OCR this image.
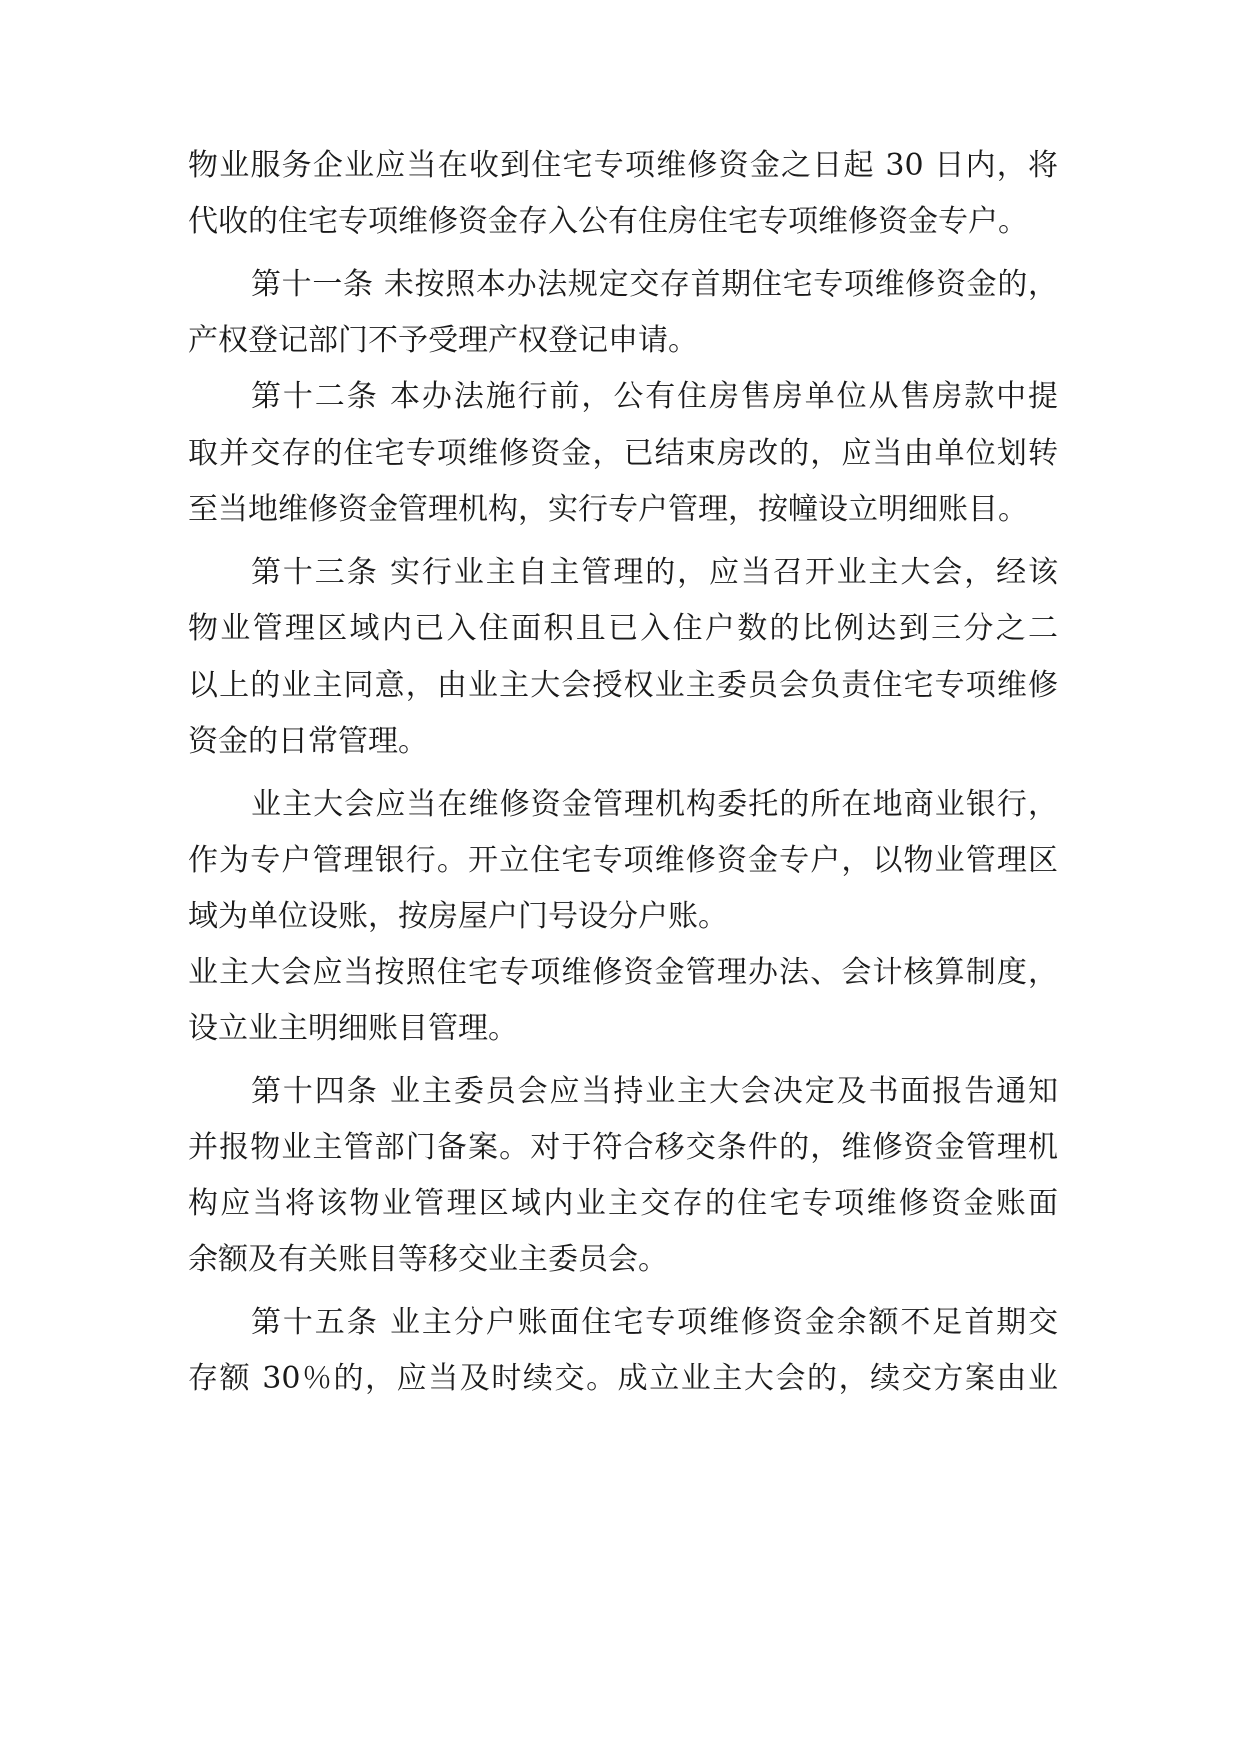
物业服务企业应当在收到住宅专项维修资金之日起 30 日内，将
代收的住宅专项维修资金存入公有住房住宅专项维修资金专户。
第十一条 未按照本办法规定交存首期住宅专项维修资金的，
产权登记部门不予受理产权登记申请。
第十二条 本办法施行前，公有住房售房单位从售房款中提
取并交存的住宅专项维修资金，已结束房改的，应当由单位划转
至当地维修资金管理机构，实行专户管理，按幢设立明细账目。
第十三条 实行业主自主管理的，应当召开业主大会，经该
物业管理区域内已入住面积且已入住户数的比例达到三分之二
以上的业主同意，由业主大会授权业主委员会负责住宅专项维修
资金的日常管理。
业主大会应当在维修资金管理机构委托的所在地商业银行，
作为专户管理银行。开立住宅专项维修资金专户，以物业管理区
域为单位设账，按房屋户门号设分户账。
业主大会应当按照住宅专项维修资金管理办法、会计核算制度，
设立业主明细账目管理。
第十四条 业主委员会应当持业主大会决定及书面报告通知
并报物业主管部门备案。对于符合移交条件的，维修资金管理机
构应当将该物业管理区域内业主交存的住宅专项维修资金账面
余额及有关账目等移交业主委员会。
第十五条 业主分户账面住宅专项维修资金余额不足首期交
存额 30％的，应当及时续交。成立业主大会的，续交方案由业
